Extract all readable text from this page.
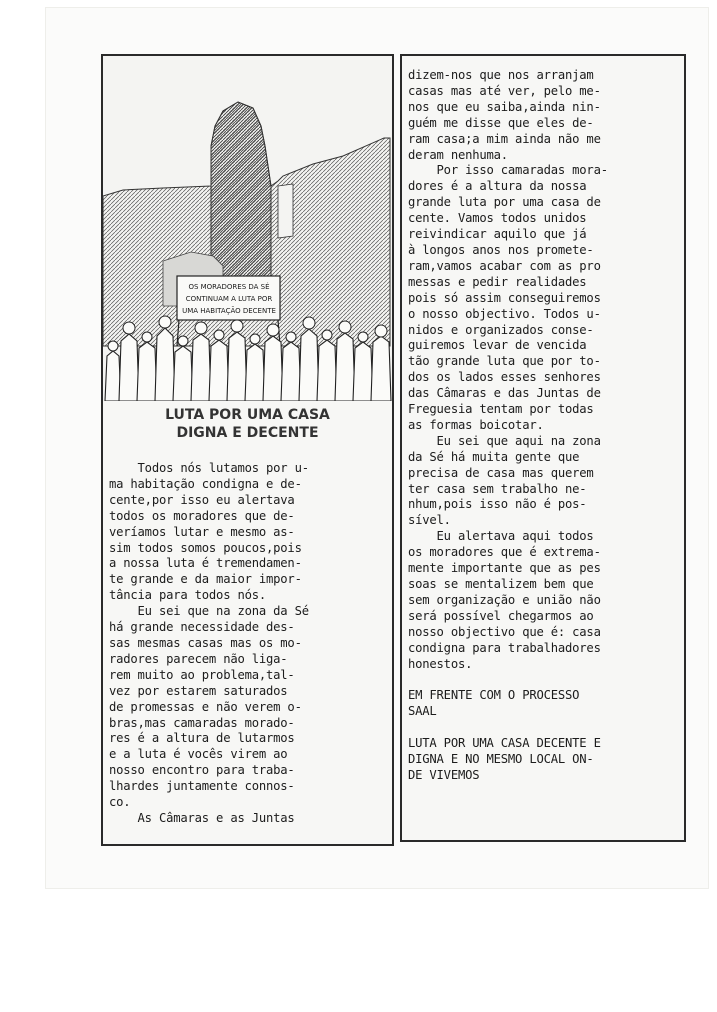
OS MORADORES DA SÉ
CONTINUAM A LUTA POR
UMA HABITAÇÃO DECENTE
LUTA POR UMA CASA
DIGNA E DECENTE
Todos nós lutamos por u-
ma habitação condigna e de-
cente,por isso eu alertava
todos os moradores que de-
veríamos lutar e mesmo as-
sim todos somos poucos,pois
a nossa luta é tremendamen-
te grande e da maior impor-
tância para todos nós.
Eu sei que na zona da Sé
há grande necessidade des-
sas mesmas casas mas os mo-
radores parecem não liga-
rem muito ao problema,tal-
vez por estarem saturados
de promessas e não verem o-
bras,mas camaradas morado-
res é a altura de lutarmos
e a luta é vocês virem ao
nosso encontro para traba-
lhardes juntamente connos-
co.
As Câmaras e as Juntas
dizem-nos que nos arranjam
casas mas até ver, pelo me-
nos que eu saiba,ainda nin-
guém me disse que eles de-
ram casa;a mim ainda não me
deram nenhuma.
Por isso camaradas mora-
dores é a altura da nossa
grande luta por uma casa de
cente. Vamos todos unidos
reivindicar aquilo que já
à longos anos nos promete-
ram,vamos acabar com as pro
messas e pedir realidades
pois só assim conseguiremos
o nosso objectivo. Todos u-
nidos e organizados conse-
guiremos levar de vencida
tão grande luta que por to-
dos os lados esses senhores
das Câmaras e das Juntas de
Freguesia tentam por todas
as formas boicotar.
Eu sei que aqui na zona
da Sé há muita gente que
precisa de casa mas querem
ter casa sem trabalho ne-
nhum,pois isso não é pos-
sível.
Eu alertava aqui todos
os moradores que é extrema-
mente importante que as pes
soas se mentalizem bem que
sem organização e união não
será possível chegarmos ao
nosso objectivo que é: casa
condigna para trabalhadores
honestos.

EM FRENTE COM O PROCESSO
SAAL

LUTA POR UMA CASA DECENTE E
DIGNA E NO MESMO LOCAL ON-
DE VIVEMOS
